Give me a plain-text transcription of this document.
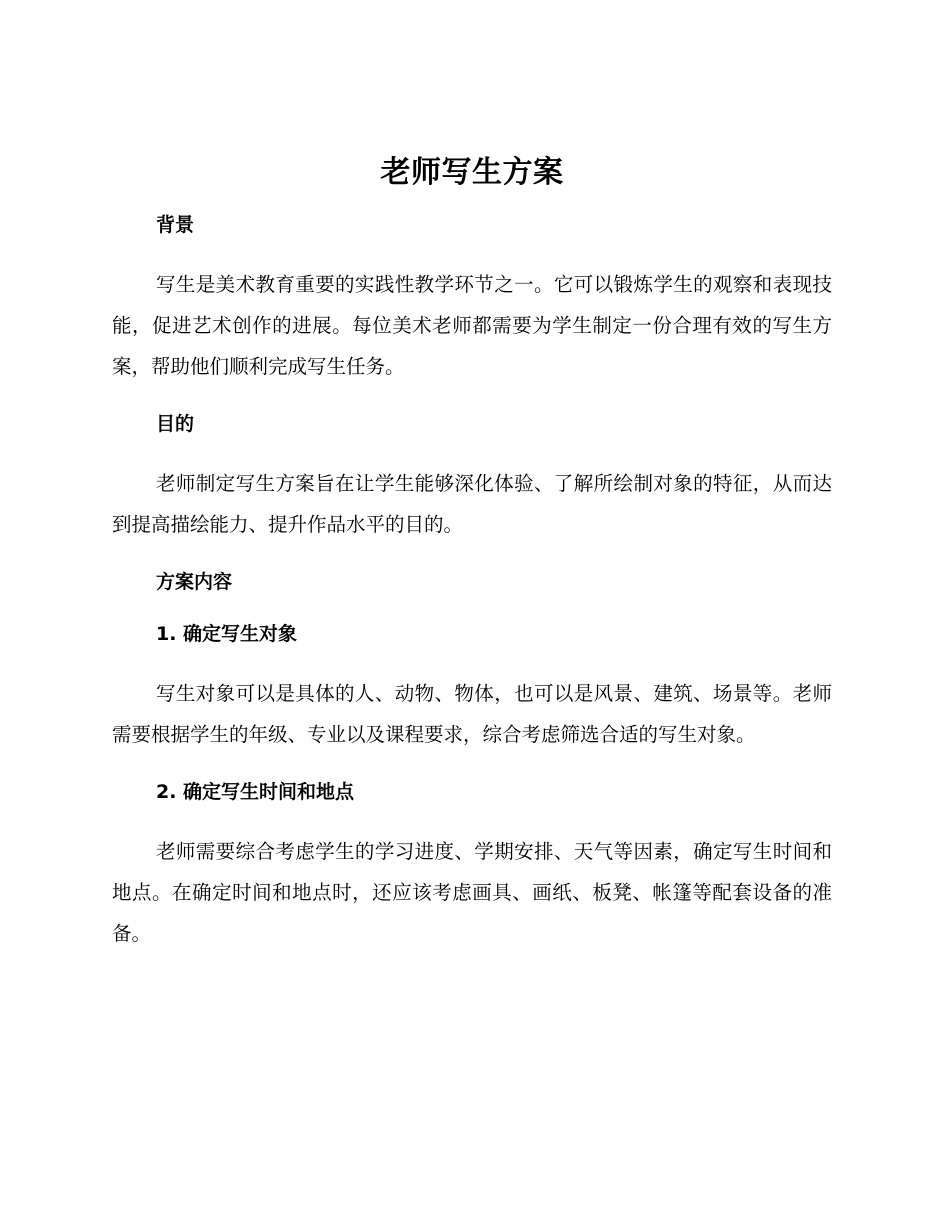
老师写生方案
背景

写生是美术教育重要的实践性教学环节之一。它可以锻炼学生的观察和表现技能，促进艺术创作的进展。每位美术老师都需要为学生制定一份合理有效的写生方案，帮助他们顺利完成写生任务。

目的

老师制定写生方案旨在让学生能够深化体验、了解所绘制对象的特征，从而达到提高描绘能力、提升作品水平的目的。

方案内容
1. 确定写生对象

写生对象可以是具体的人、动物、物体，也可以是风景、建筑、场景等。老师需要根据学生的年级、专业以及课程要求，综合考虑筛选合适的写生对象。

2. 确定写生时间和地点

老师需要综合考虑学生的学习进度、学期安排、天气等因素，确定写生时间和地点。在确定时间和地点时，还应该考虑画具、画纸、板凳、帐篷等配套设备的准备。
